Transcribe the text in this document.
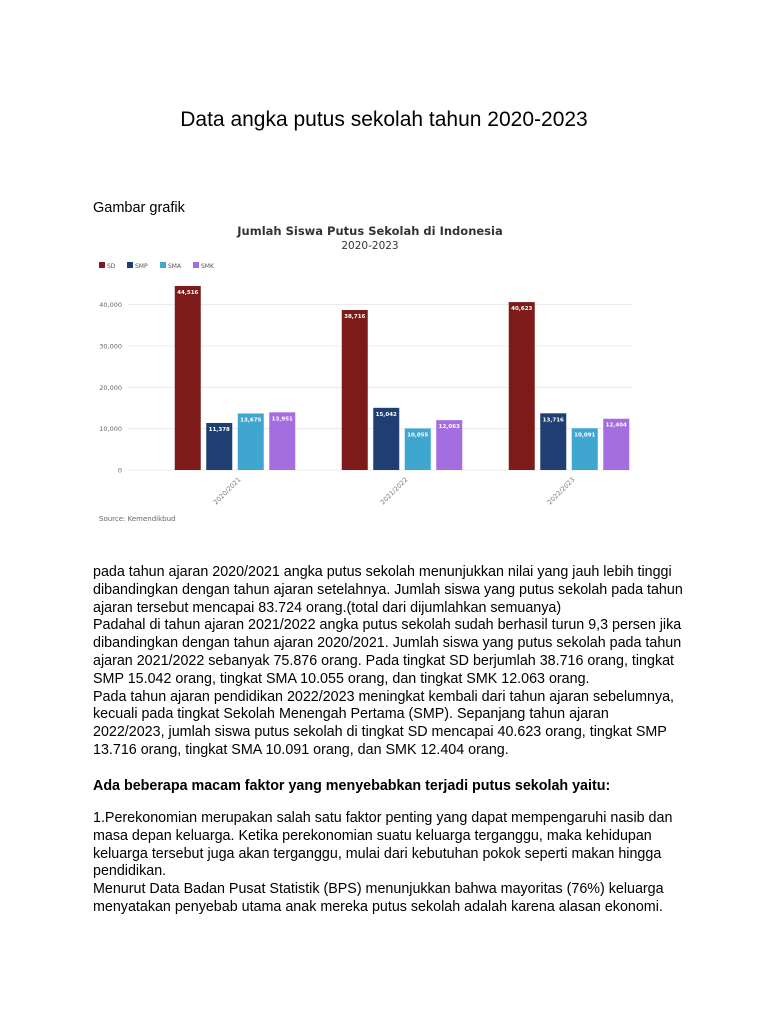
Data angka putus sekolah tahun 2020-2023
Gambar grafik
Jumlah Siswa Putus Sekolah di Indonesia
2020-2023
SD	SMP	SMA	SMK
0
10,000
20,000
30,000
40,000
44,516
11,378
13,675 13,951
2020/2021
38,716
15,042
10,055
12,063
2021/2022
40,623
13,716
10,091
12,404
2022/2023
Source: Kemendikbud

pada tahun ajaran 2020/2021 angka putus sekolah menunjukkan nilai yang jauh lebih tinggi dibandingkan dengan tahun ajaran setelahnya. Jumlah siswa yang putus sekolah pada tahun ajaran tersebut mencapai 83.724 orang.(total dari dijumlahkan semuanya)

Padahal di tahun ajaran 2021/2022 angka putus sekolah sudah berhasil turun 9,3 persen jika dibandingkan dengan tahun ajaran 2020/2021. Jumlah siswa yang putus sekolah pada tahun ajaran 2021/2022 sebanyak 75.876 orang. Pada tingkat SD berjumlah 38.716 orang, tingkat SMP 15.042 orang, tingkat SMA 10.055 orang, dan tingkat SMK 12.063 orang.

Pada tahun ajaran pendidikan 2022/2023 meningkat kembali dari tahun ajaran sebelumnya, kecuali pada tingkat Sekolah Menengah Pertama (SMP). Sepanjang tahun ajaran 2022/2023, jumlah siswa putus sekolah di tingkat SD mencapai 40.623 orang, tingkat SMP 13.716 orang, tingkat SMA 10.091 orang, dan SMK 12.404 orang.

Ada beberapa macam faktor yang menyebabkan terjadi putus sekolah yaitu:

1.Perekonomian merupakan salah satu faktor penting yang dapat mempengaruhi nasib dan masa depan keluarga. Ketika perekonomian suatu keluarga terganggu, maka kehidupan keluarga tersebut juga akan terganggu, mulai dari kebutuhan pokok seperti makan hingga pendidikan.

Menurut Data Badan Pusat Statistik (BPS) menunjukkan bahwa mayoritas (76%) keluarga menyatakan penyebab utama anak mereka putus sekolah adalah karena alasan ekonomi.
